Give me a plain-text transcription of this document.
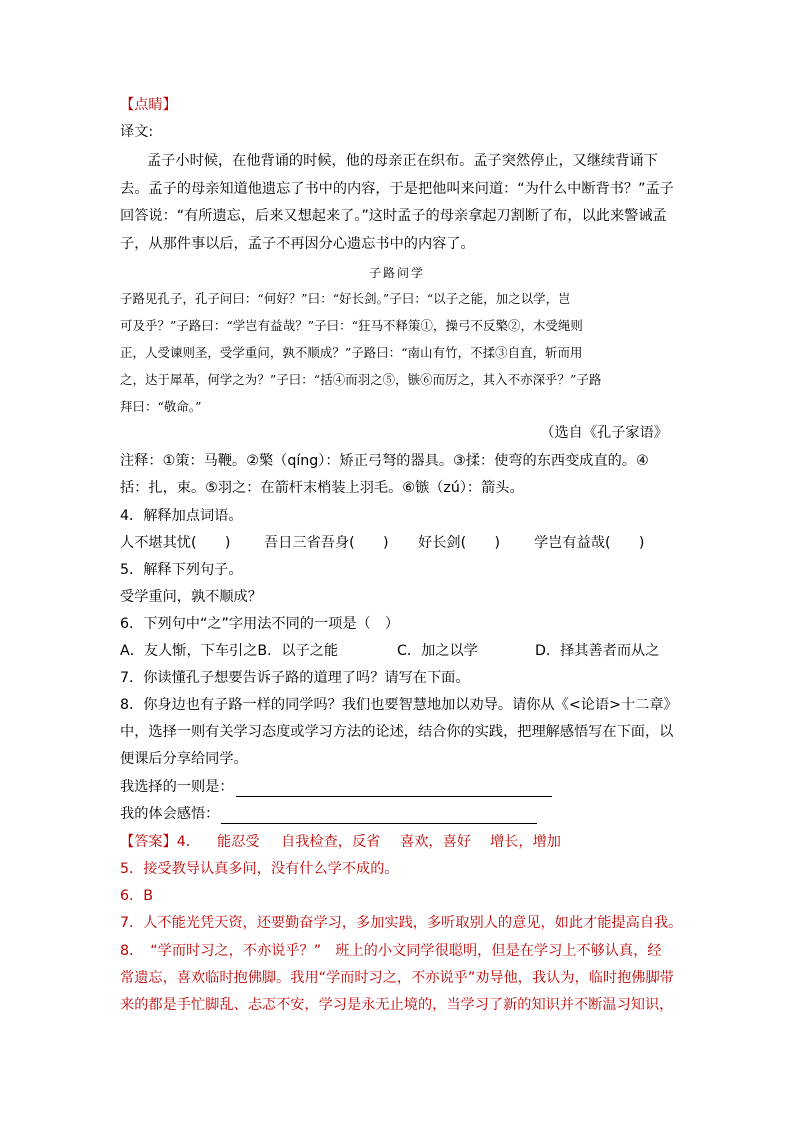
【点睛】
译文:
孟子小时候，在他背诵的时候，他的母亲正在织布。孟子突然停止，又继续背诵下
去。孟子的母亲知道他遗忘了书中的内容，于是把他叫来问道：“为什么中断背书？”孟子
回答说：“有所遗忘，后来又想起来了。”这时孟子的母亲拿起刀割断了布，以此来警诫孟
子，从那件事以后，孟子不再因分心遗忘书中的内容了。
子路问学
子路见孔子，孔子问曰：“何好？”曰：“好长剑。”子曰：“以子之能，加之以学，岂
可及乎？”子路曰：“学岂有益哉？”子曰：“狂马不释策①，操弓不反檠②，木受绳则
正，人受谏则圣，受学重问，孰不顺成？”子路曰：“南山有竹，不揉③自直，斩而用
之，达于犀革，何学之为？”子曰：“括④而羽之⑤，镞⑥而厉之，其入不亦深乎？”子路
拜曰：“敬命。”
（选自《孔子家语》
注释：①策：马鞭。②檠（qíng）：矫正弓弩的器具。③揉：使弯的东西变成直的。④
括：扎，束。⑤羽之：在箭杆末梢装上羽毛。⑥镞（zú）：箭头。
4．解释加点词语。
人不堪其忧(　　) 吾日三省吾身(　　) 好长剑(　　) 学岂有益哉(　　)
5．解释下列句子。
受学重问，孰不顺成？
6．下列句中“之”字用法不同的一项是（　）
A．友人惭，下车引之B．以子之能	C．加之以学	D．择其善者而从之
7．你读懂孔子想要告诉子路的道理了吗？请写在下面。
8．你身边也有子路一样的同学吗？我们也要智慧地加以劝导。请你从《<论语>十二章》
中，选择一则有关学习态度或学习方法的论述，结合你的实践，把理解感悟写在下面，以
便课后分享给同学。
我选择的一则是：
我的体会感悟：
【答案】4． 能忍受 自我检查，反省 喜欢，喜好 增长，增加
5．接受教导认真多问，没有什么学不成的。
6．B
7．人不能光凭天资，还要勤奋学习，多加实践，多听取别人的意见，如此才能提高自我。
8．　“学而时习之，不亦说乎？”　班上的小文同学很聪明，但是在学习上不够认真，经
常遗忘，喜欢临时抱佛脚。我用“学而时习之，不亦说乎”劝导他，我认为，临时抱佛脚带
来的都是手忙脚乱、忐忑不安，学习是永无止境的，当学习了新的知识并不断温习知识，
